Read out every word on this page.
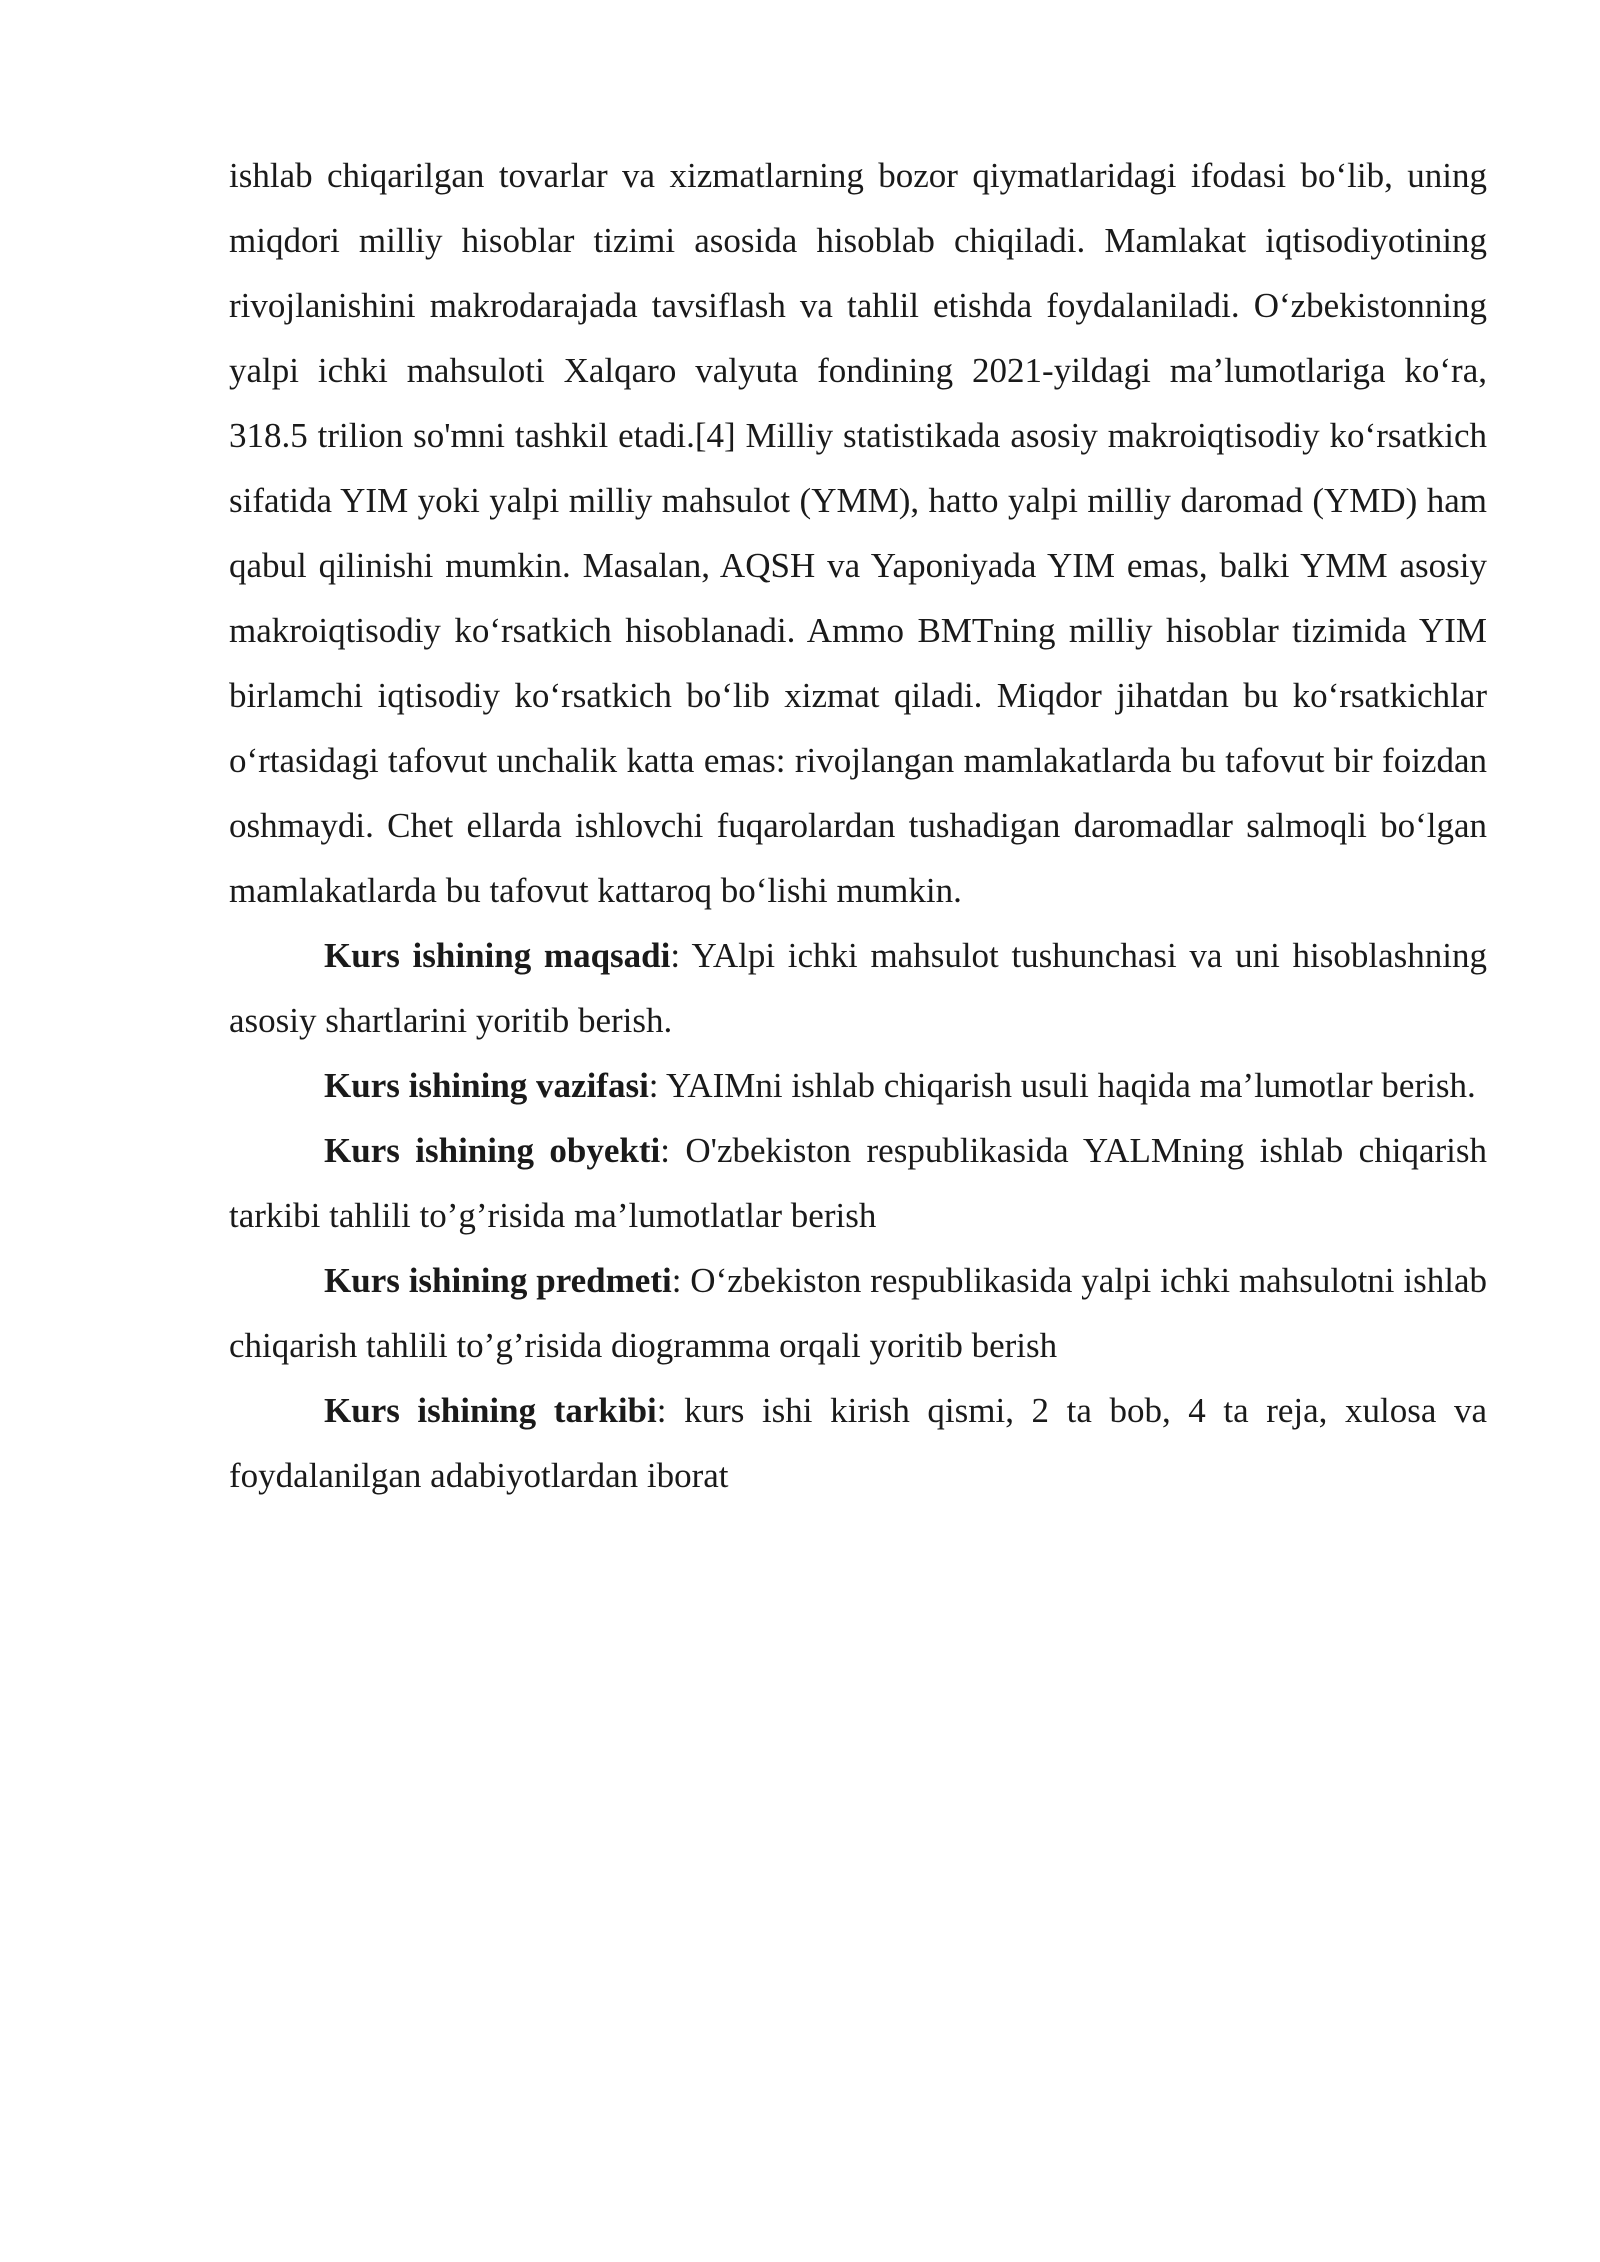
ishlab chiqarilgan tovarlar va xizmatlarning bozor qiymatlaridagi ifodasi bo‘lib, uning miqdori milliy hisoblar tizimi asosida hisoblab chiqiladi. Mamlakat iqtisodiyotining rivojlanishini makrodarajada tavsiflash va tahlil etishda foydalaniladi. O‘zbekistonning yalpi ichki mahsuloti Xalqaro valyuta fondining 2021-yildagi ma’lumotlariga ko‘ra, 318.5 trilion so'mni tashkil etadi.[4] Milliy statistikada asosiy makroiqtisodiy ko‘rsatkich sifatida YIM yoki yalpi milliy mahsulot (YMM), hatto yalpi milliy daromad (YMD) ham qabul qilinishi mumkin. Masalan, AQSH va Yaponiyada YIM emas, balki YMM asosiy makroiqtisodiy ko‘rsatkich hisoblanadi. Ammo BMTning milliy hisoblar tizimida YIM birlamchi iqtisodiy ko‘rsatkich bo‘lib xizmat qiladi. Miqdor jihatdan bu ko‘rsatkichlar o‘rtasidagi tafovut unchalik katta emas: rivojlangan mamlakatlarda bu tafovut bir foizdan oshmaydi. Chet ellarda ishlovchi fuqarolardan tushadigan daromadlar salmoqli bo‘lgan mamlakatlarda bu tafovut kattaroq bo‘lishi mumkin.

Kurs ishining maqsadi: YAlpi ichki mahsulot tushunchasi va uni hisoblashning asosiy shartlarini yoritib berish.

Kurs ishining vazifasi: YAIMni ishlab chiqarish usuli haqida ma’lumotlar berish.

Kurs ishining obyekti: O'zbekiston respublikasida YALMning ishlab chiqarish tarkibi tahlili to’g’risida ma’lumotlatlar berish

Kurs ishining predmeti: O‘zbekiston respublikasida yalpi ichki mahsulotni ishlab chiqarish tahlili to’g’risida diogramma orqali yoritib berish

Kurs ishining tarkibi: kurs ishi kirish qismi, 2 ta bob, 4 ta reja, xulosa va foydalanilgan adabiyotlardan iborat
